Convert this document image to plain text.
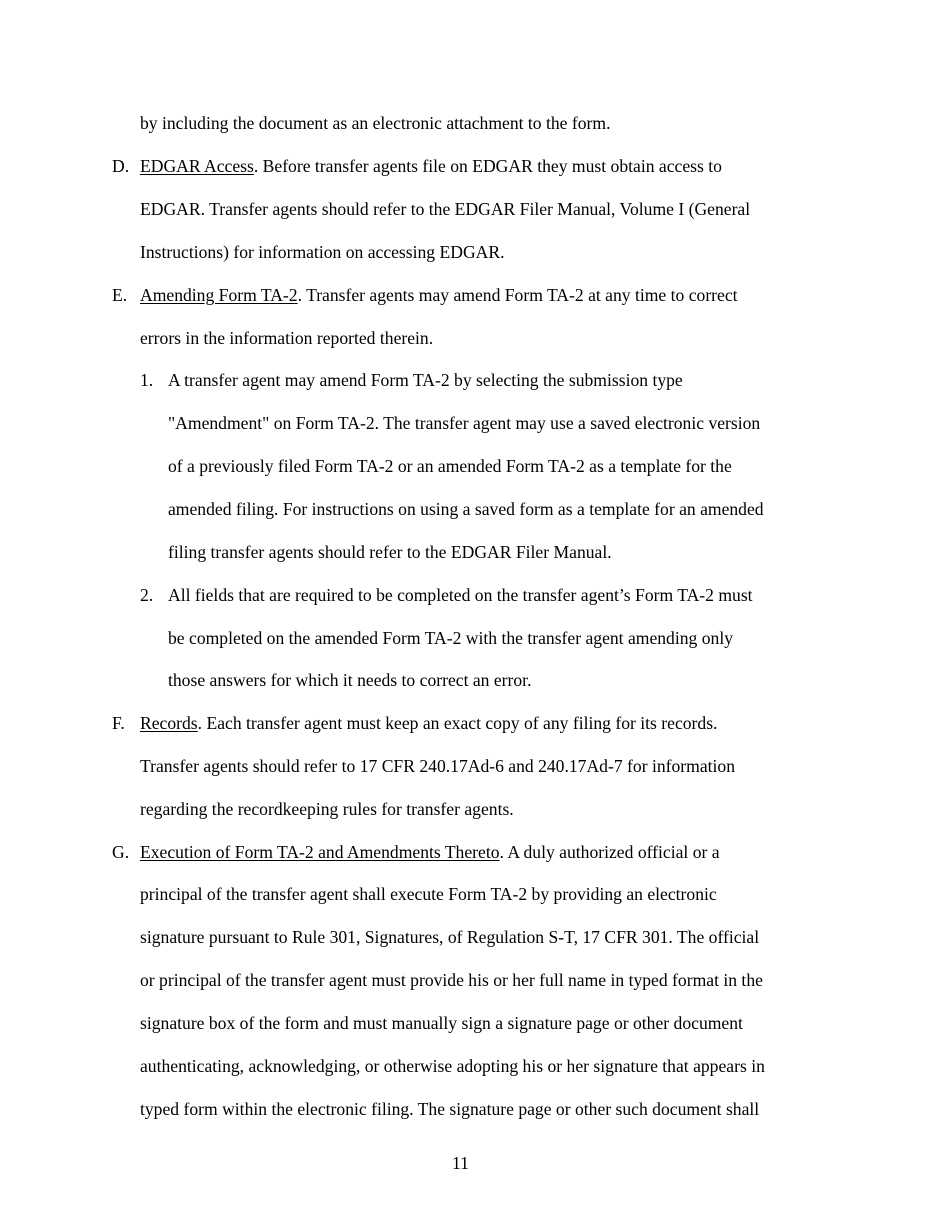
by including the document as an electronic attachment to the form.
D. EDGAR Access. Before transfer agents file on EDGAR they must obtain access to
EDGAR. Transfer agents should refer to the EDGAR Filer Manual, Volume I (General
Instructions) for information on accessing EDGAR.
E. Amending Form TA-2. Transfer agents may amend Form TA-2 at any time to correct
errors in the information reported therein.
1. A transfer agent may amend Form TA-2 by selecting the submission type
"Amendment" on Form TA-2. The transfer agent may use a saved electronic version
of a previously filed Form TA-2 or an amended Form TA-2 as a template for the
amended filing. For instructions on using a saved form as a template for an amended
filing transfer agents should refer to the EDGAR Filer Manual.
2. All fields that are required to be completed on the transfer agent’s Form TA-2 must
be completed on the amended Form TA-2 with the transfer agent amending only
those answers for which it needs to correct an error.
F. Records. Each transfer agent must keep an exact copy of any filing for its records.
Transfer agents should refer to 17 CFR 240.17Ad-6 and 240.17Ad-7 for information
regarding the recordkeeping rules for transfer agents.
G. Execution of Form TA-2 and Amendments Thereto. A duly authorized official or a
principal of the transfer agent shall execute Form TA-2 by providing an electronic
signature pursuant to Rule 301, Signatures, of Regulation S-T, 17 CFR 301. The official
or principal of the transfer agent must provide his or her full name in typed format in the
signature box of the form and must manually sign a signature page or other document
authenticating, acknowledging, or otherwise adopting his or her signature that appears in
typed form within the electronic filing. The signature page or other such document shall
11
